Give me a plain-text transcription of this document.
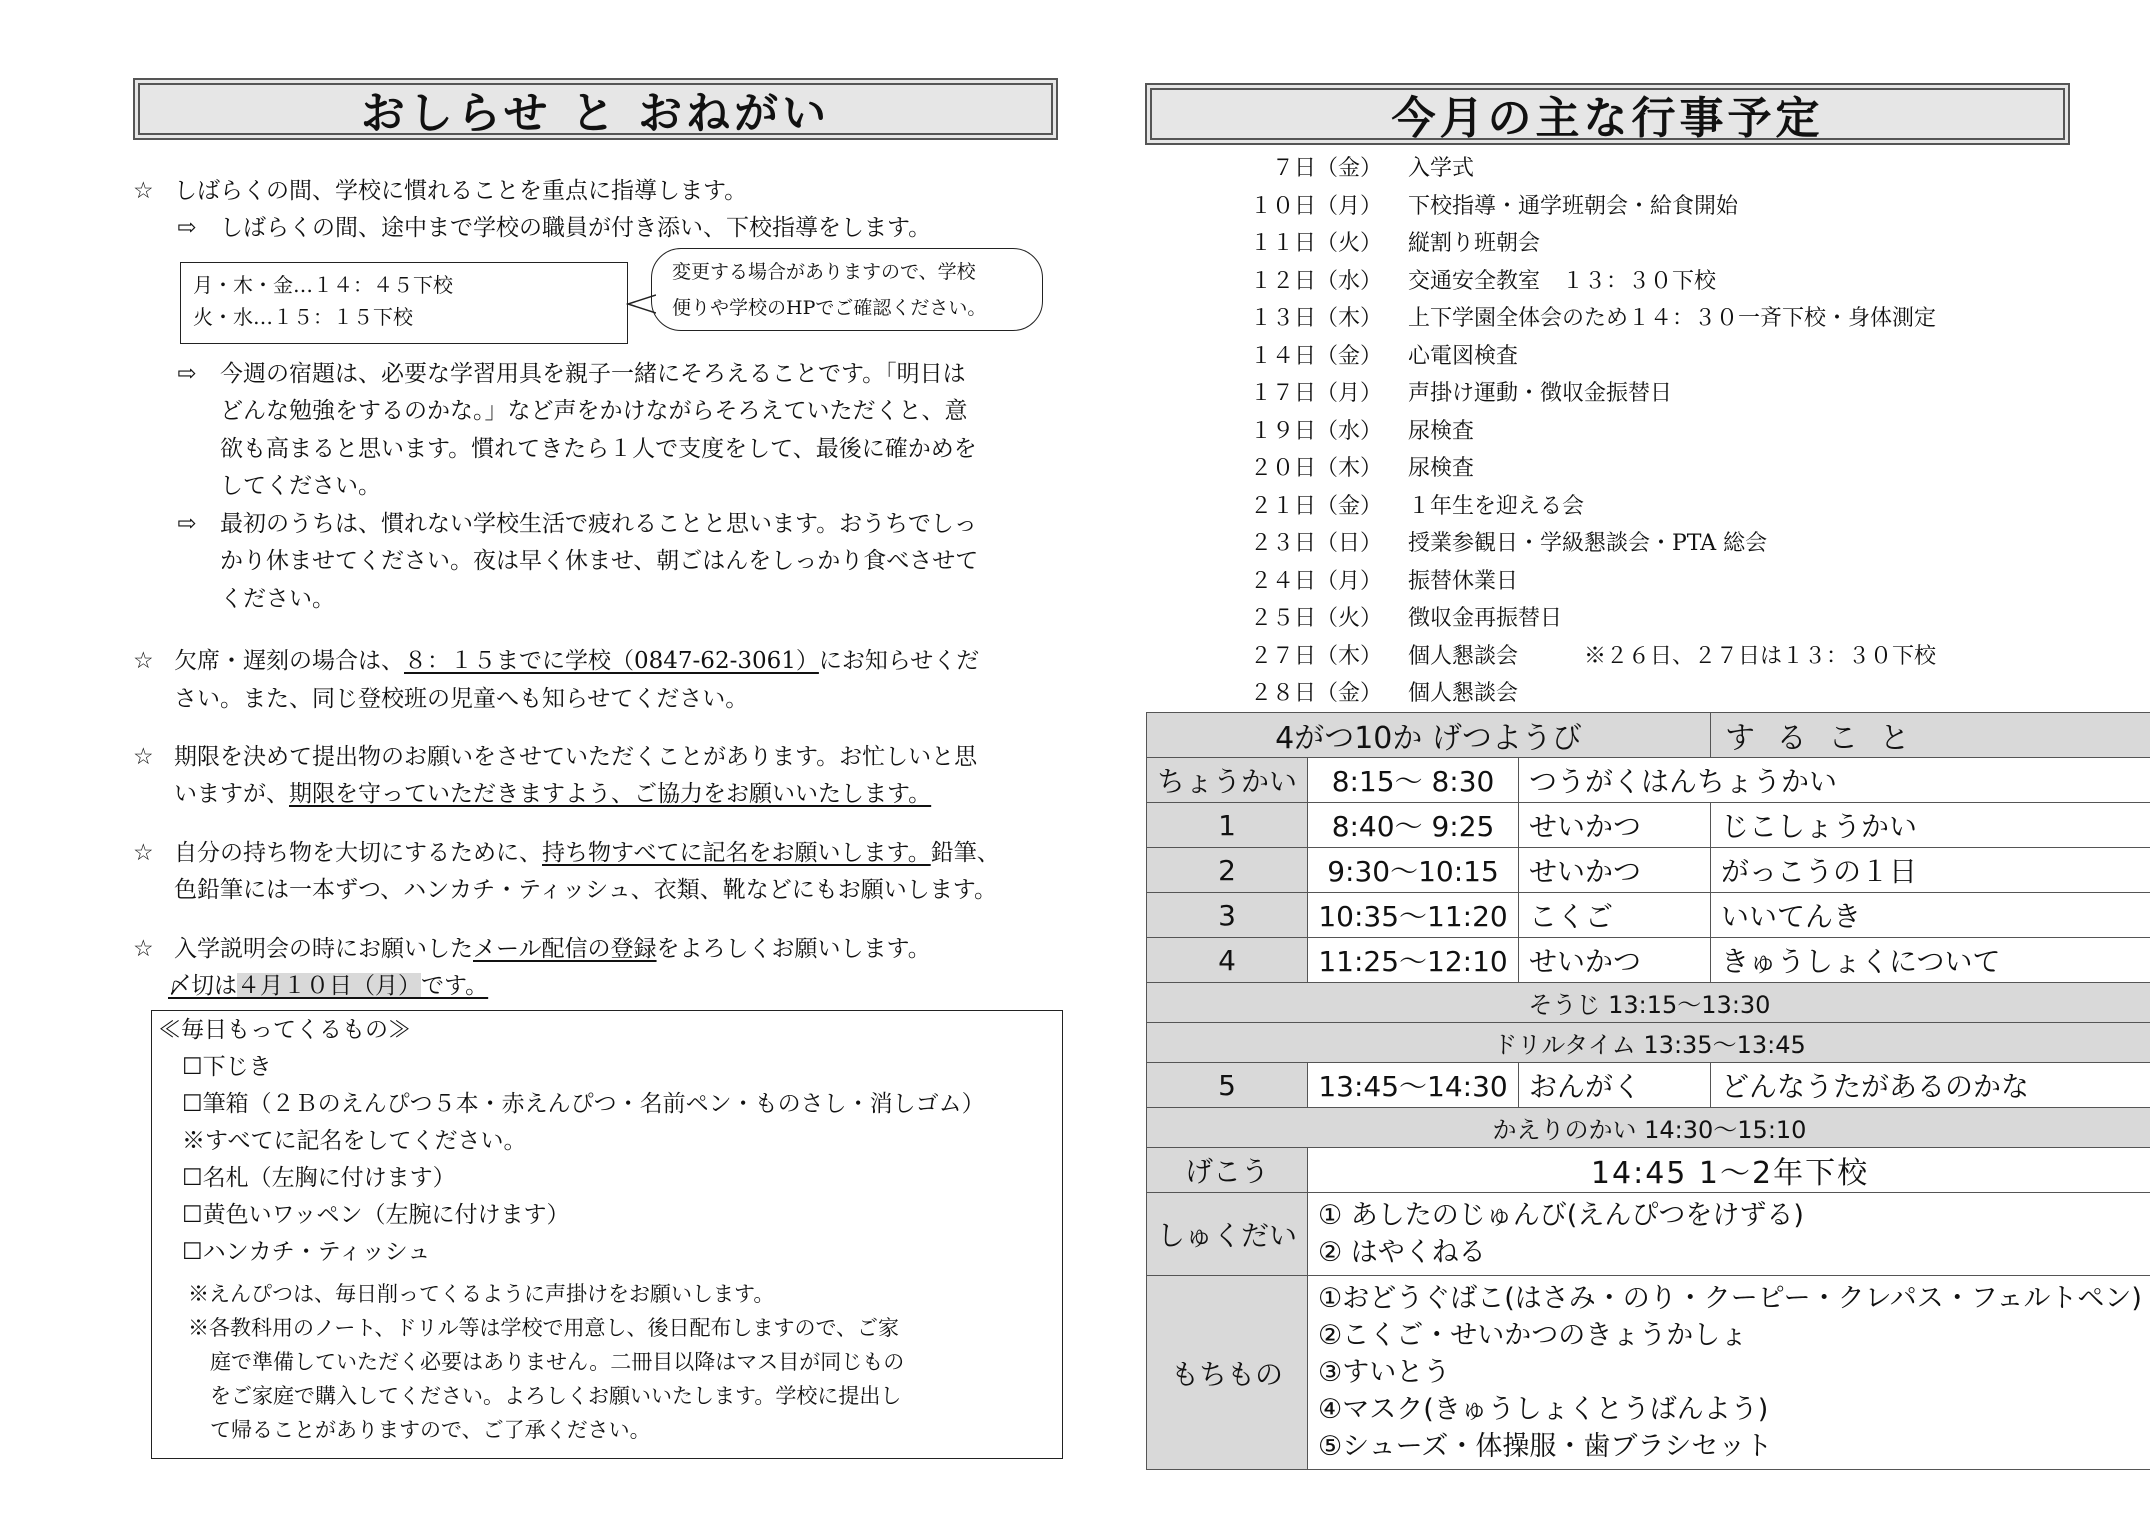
おしらせ と おねがい
☆ しばらくの間、学校に慣れることを重点に指導します。
⇨ しばらくの間、途中まで学校の職員が付き添い、下校指導をします。
月・木・金…１４：４５下校
火・水…１５：１５下校
変更する場合がありますので、学校
便りや学校のHPでご確認ください。
⇨ 今週の宿題は、必要な学習用具を親子一緒にそろえることです。「明日は
どんな勉強をするのかな。」など声をかけながらそろえていただくと、意
欲も高まると思います。慣れてきたら１人で支度をして、最後に確かめを
してください。
⇨ 最初のうちは、慣れない学校生活で疲れることと思います。おうちでしっ
かり休ませてください。夜は早く休ませ、朝ごはんをしっかり食べさせて
ください。
☆ 欠席・遅刻の場合は、８：１５までに学校（0847-62-3061）にお知らせくだ
さい。また、同じ登校班の児童へも知らせてください。
☆ 期限を決めて提出物のお願いをさせていただくことがあります。お忙しいと思
いますが、期限を守っていただきますよう、ご協力をお願いいたします。
☆ 自分の持ち物を大切にするために、持ち物すべてに記名をお願いします。鉛筆、
色鉛筆には一本ずつ、ハンカチ・ティッシュ、衣類、靴などにもお願いします。
☆ 入学説明会の時にお願いしたメール配信の登録をよろしくお願いします。
〆切は４月１０日（月）です。
≪毎日もってくるもの≫
☐下じき
☐筆箱（２Ｂのえんぴつ５本・赤えんぴつ・名前ペン・ものさし・消しゴム）
※すべてに記名をしてください。
☐名札（左胸に付けます）
☐黄色いワッペン（左腕に付けます）
☐ハンカチ・ティッシュ
※えんぴつは、毎日削ってくるように声掛けをお願いします。
※各教科用のノート、ドリル等は学校で用意し、後日配布しますので、ご家
庭で準備していただく必要はありません。二冊目以降はマス目が同じもの
をご家庭で購入してください。よろしくお願いいたします。学校に提出し
て帰ることがありますので、ご了承ください。
今月の主な行事予定
７日（金） 入学式
１０日（月） 下校指導・通学班朝会・給食開始
１１日（火） 縦割り班朝会
１２日（水） 交通安全教室　１３：３０下校
１３日（木） 上下学園全体会のため１４：３０一斉下校・身体測定
１４日（金） 心電図検査
１７日（月） 声掛け運動・徴収金振替日
１９日（水） 尿検査
２０日（木） 尿検査
２１日（金） １年生を迎える会
２３日（日） 授業参観日・学級懇談会・PTA 総会
２４日（月） 振替休業日
２５日（火） 徴収金再振替日
２７日（木） 個人懇談会　　　※２６日、２７日は１３：３０下校
２８日（金） 個人懇談会
4がつ10か げつようび			す る こ と
ちょうかい	8:15〜 8:30	つうがくはんちょうかい	
1	8:40〜 9:25	せいかつ	じこしょうかい
2	9:30〜10:15	せいかつ	がっこうの１日
3	10:35〜11:20	こくご	いいてんき
4	11:25〜12:10	せいかつ	きゅうしょくについて
そうじ 13:15〜13:30			
ドリルタイム 13:35〜13:45			
5	13:45〜14:30	おんがく	どんなうたがあるのかな
かえりのかい 14:30〜15:10			
げこう	14:45 1〜2年下校		
しゅくだい	① あしたのじゅんび(えんぴつをけずる)
② はやくねる		

もちもの	①おどうぐばこ(はさみ・のり・クーピー・クレパス・フェルトペン)
②こくご・せいかつのきょうかしょ
③すいとう
④マスク(きゅうしょくとうばんよう)
⑤シューズ・体操服・歯ブラシセット		
